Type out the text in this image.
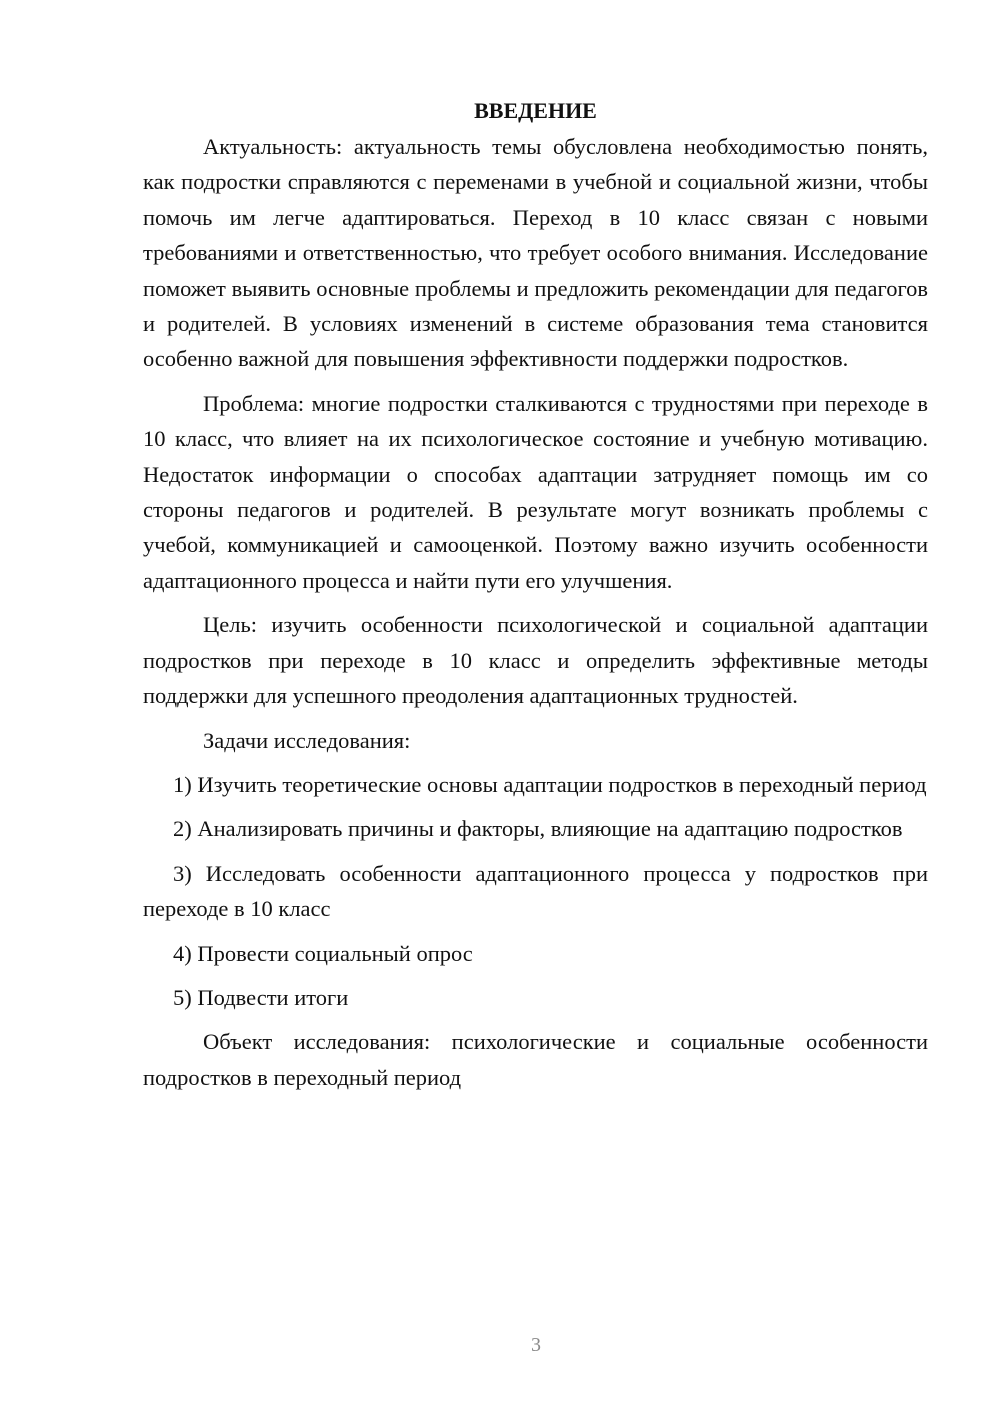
ВВЕДЕНИЕ

Актуальность: актуальность темы обусловлена необходимостью понять, как подростки справляются с переменами в учебной и социальной жизни, чтобы помочь им легче адаптироваться. Переход в 10 класс связан с новыми требованиями и ответственностью, что требует особого внимания. Исследование поможет выявить основные проблемы и предложить рекомендации для педагогов и родителей. В условиях изменений в системе образования тема становится особенно важной для повышения эффективности поддержки подростков.

Проблема: многие подростки сталкиваются с трудностями при переходе в 10 класс, что влияет на их психологическое состояние и учебную мотивацию. Недостаток информации о способах адаптации затрудняет помощь им со стороны педагогов и родителей. В результате могут возникать проблемы с учебой, коммуникацией и самооценкой. Поэтому важно изучить особенности адаптационного процесса и найти пути его улучшения.

Цель: изучить особенности психологической и социальной адаптации подростков при переходе в 10 класс и определить эффективные методы поддержки для успешного преодоления адаптационных трудностей.

Задачи исследования:

1) Изучить теоретические основы адаптации подростков в переходный период

2) Анализировать причины и факторы, влияющие на адаптацию подростков

3) Исследовать особенности адаптационного процесса у подростков при переходе в 10 класс

4) Провести социальный опрос

5) Подвести итоги

Объект исследования: психологические и социальные особенности подростков в переходный период

3
